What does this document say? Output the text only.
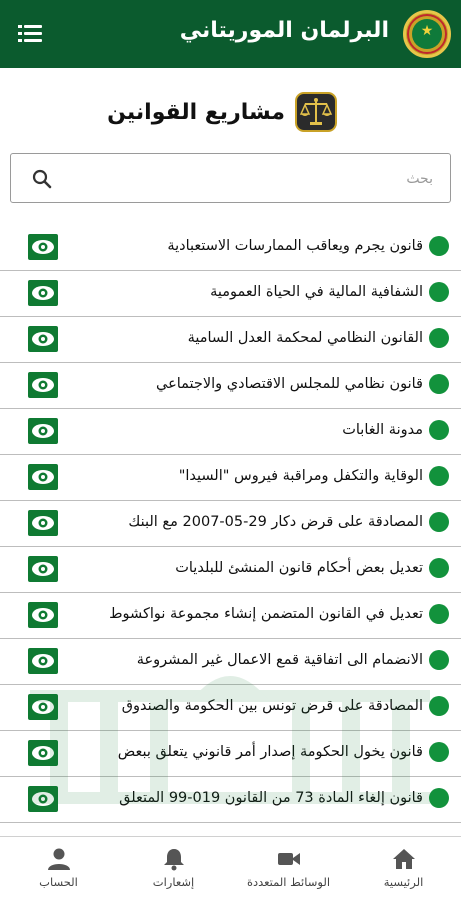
البرلمان الموريتاني	★
مشاريع القوانين
بحث
قانون يجرم ويعاقب الممارسات الاستعبادية
الشفافية المالية في الحياة العمومية
القانون النظامي لمحكمة العدل السامية
قانون نظامي للمجلس الاقتصادي والاجتماعي
مدونة الغابات
الوقاية والتكفل ومراقبة فيروس "السيدا"
المصادقة على قرض دكار 29-05-2007 مع البنك
تعديل بعض أحكام قانون المنشئ للبلديات
تعديل في القانون المتضمن إنشاء مجموعة نواكشوط
الانضمام الى اتفاقية قمع الاعمال غير المشروعة
المصادقة على قرض تونس بين الحكومة والصندوق
قانون يخول الحكومة إصدار أمر قانوني يتعلق ببعض
قانون إلغاء المادة 73 من القانون 019-99 المتعلق
الرئيسية
الوسائط المتعددة
إشعارات
الحساب
